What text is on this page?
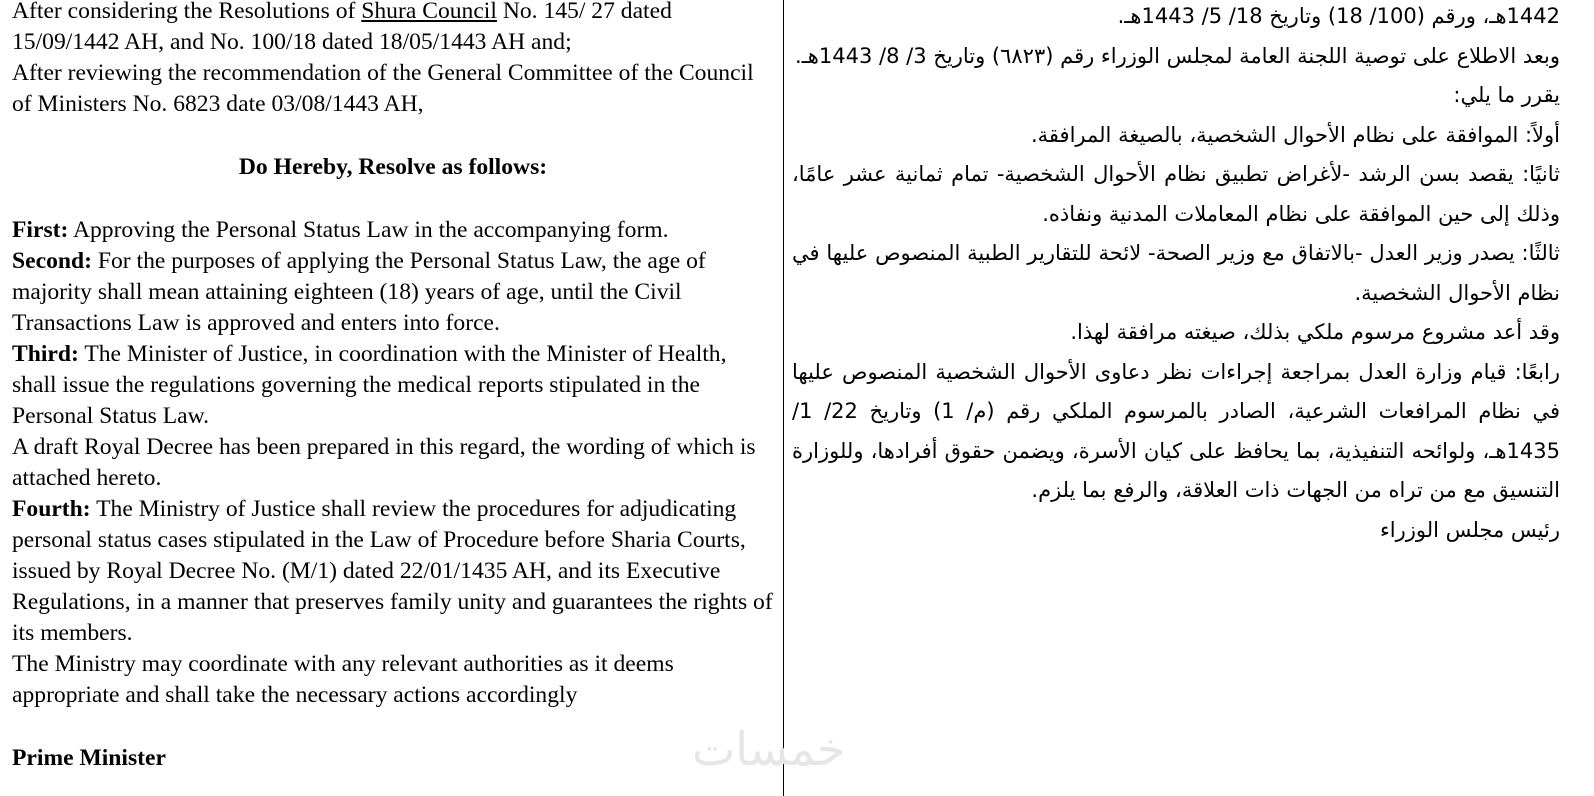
After considering the Resolutions of Shura Council No. 145/ 27 dated 15/09/1442 AH, and No. 100/18 dated 18/05/1443 AH and;

After reviewing the recommendation of the General Committee of the Council of Ministers No. 6823 date 03/08/1443 AH,

Do Hereby, Resolve as follows:

First: Approving the Personal Status Law in the accompanying form.

Second: For the purposes of applying the Personal Status Law, the age of majority shall mean attaining eighteen (18) years of age, until the Civil Transactions Law is approved and enters into force.

Third: The Minister of Justice, in coordination with the Minister of Health, shall issue the regulations governing the medical reports stipulated in the Personal Status Law.

A draft Royal Decree has been prepared in this regard, the wording of which is attached hereto.

Fourth: The Ministry of Justice shall review the procedures for adjudicating personal status cases stipulated in the Law of Procedure before Sharia Courts, issued by Royal Decree No. (M/1) dated 22/01/1435 AH, and its Executive Regulations, in a manner that preserves family unity and guarantees the rights of its members.

The Ministry may coordinate with any relevant authorities as it deems appropriate and shall take the necessary actions accordingly

Prime Minister

1442هـ، ورقم (100/ 18) وتاريخ 18/ 5/ 1443هـ.

وبعد الاطلاع على توصية اللجنة العامة لمجلس الوزراء رقم (٦٨٢٣) وتاريخ 3/ 8/ 1443هـ.

يقرر ما يلي:

أولاً: الموافقة على نظام الأحوال الشخصية، بالصيغة المرافقة.

ثانيًا: يقصد بسن الرشد -لأغراض تطبيق نظام الأحوال الشخصية- تمام ثمانية عشر عامًا، وذلك إلى حين الموافقة على نظام المعاملات المدنية ونفاذه.

ثالثًا: يصدر وزير العدل -بالاتفاق مع وزير الصحة- لائحة للتقارير الطبية المنصوص عليها في نظام الأحوال الشخصية.

وقد أعد مشروع مرسوم ملكي بذلك، صيغته مرافقة لهذا.

رابعًا: قيام وزارة العدل بمراجعة إجراءات نظر دعاوى الأحوال الشخصية المنصوص عليها في نظام المرافعات الشرعية، الصادر بالمرسوم الملكي رقم (م/ 1) وتاريخ 22/ 1/ 1435هـ، ولوائحه التنفيذية، بما يحافظ على كيان الأسرة، ويضمن حقوق أفرادها، وللوزارة التنسيق مع من تراه من الجهات ذات العلاقة، والرفع بما يلزم.

رئيس مجلس الوزراء

خمسات
